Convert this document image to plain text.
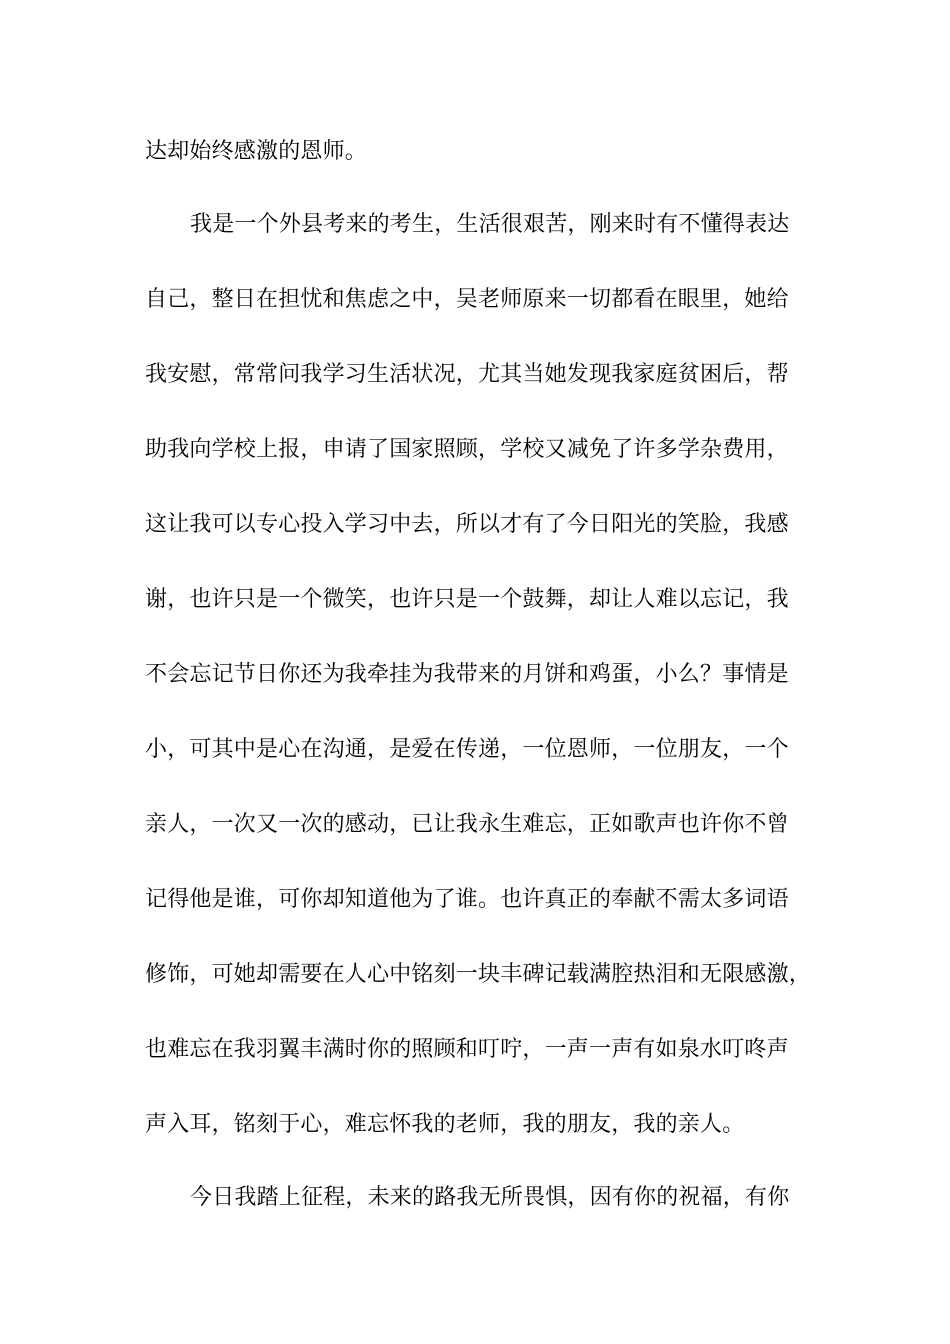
达却始终感激的恩师。
我是一个外县考来的考生，生活很艰苦，刚来时有不懂得表达
自己，整日在担忧和焦虑之中，吴老师原来一切都看在眼里，她给
我安慰，常常问我学习生活状况，尤其当她发现我家庭贫困后，帮
助我向学校上报，申请了国家照顾，学校又减免了许多学杂费用，
这让我可以专心投入学习中去，所以才有了今日阳光的笑脸，我感
谢，也许只是一个微笑，也许只是一个鼓舞，却让人难以忘记，我
不会忘记节日你还为我牵挂为我带来的月饼和鸡蛋，小么？事情是
小，可其中是心在沟通，是爱在传递，一位恩师，一位朋友，一个
亲人，一次又一次的感动，已让我永生难忘，正如歌声也许你不曾
记得他是谁，可你却知道他为了谁。也许真正的奉献不需太多词语
修饰，可她却需要在人心中铭刻一块丰碑记载满腔热泪和无限感激，
也难忘在我羽翼丰满时你的照顾和叮咛，一声一声有如泉水叮咚声
声入耳，铭刻于心，难忘怀我的老师，我的朋友，我的亲人。
今日我踏上征程，未来的路我无所畏惧，因有你的祝福，有你
